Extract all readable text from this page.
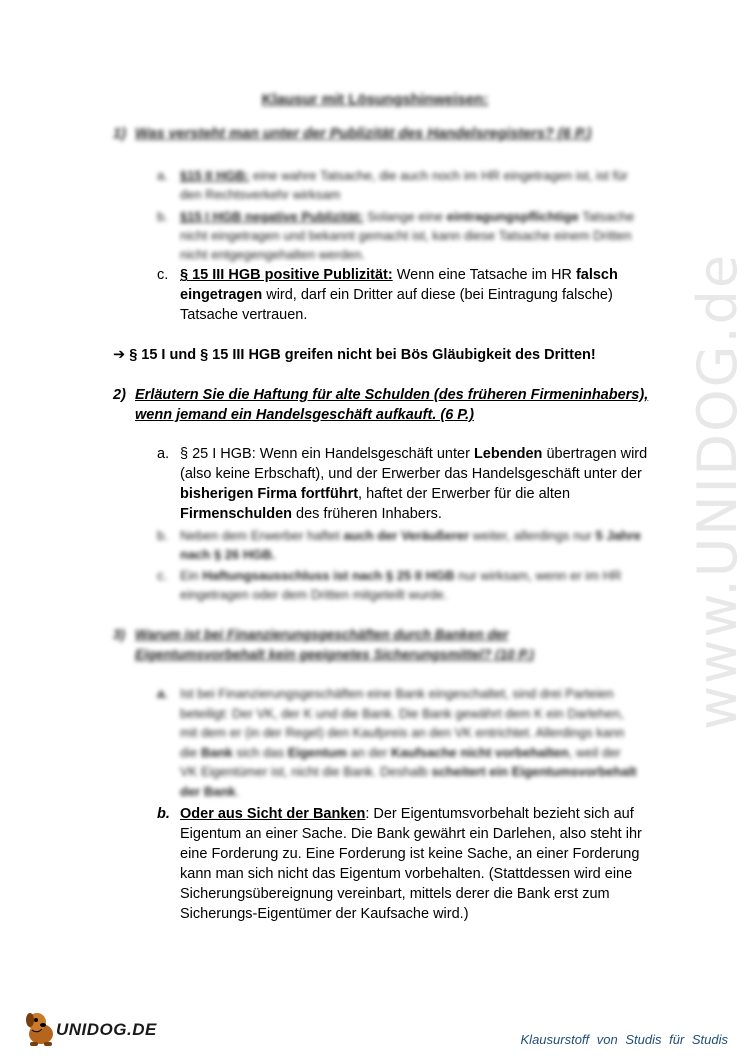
www.UNIDOG.de
Klausur mit Lösungshinweisen:
1) Was versteht man unter der Publizität des Handelsregisters? (6 P.)
a. §15 II HGB: eine wahre Tatsache, die auch noch im HR eingetragen ist, ist für den Rechtsverkehr wirksam
b. §15 I HGB negative Publizität: Solange eine eintragungspflichtige Tatsache nicht eingetragen und bekannt gemacht ist, kann diese Tatsache einem Dritten nicht entgegengehalten werden.
c. § 15 III HGB positive Publizität: Wenn eine Tatsache im HR falsch eingetragen wird, darf ein Dritter auf diese (bei Eintragung falsche) Tatsache vertrauen.
➔ § 15 I und § 15 III HGB greifen nicht bei Bös Gläubigkeit des Dritten!
2) Erläutern Sie die Haftung für alte Schulden (des früheren Firmeninhabers), wenn jemand ein Handelsgeschäft aufkauft. (6 P.)
a. § 25 I HGB: Wenn ein Handelsgeschäft unter Lebenden übertragen wird (also keine Erbschaft), und der Erwerber das Handelsgeschäft unter der bisherigen Firma fortführt, haftet der Erwerber für die alten Firmenschulden des früheren Inhabers.
b. Neben dem Erwerber haftet auch der Veräußerer weiter, allerdings nur 5 Jahre nach § 26 HGB.
c. Ein Haftungsausschluss ist nach § 25 II HGB nur wirksam, wenn er im HR eingetragen oder dem Dritten mitgeteilt wurde.
3) Warum ist bei Finanzierungsgeschäften durch Banken der Eigentumsvorbehalt kein geeignetes Sicherungsmittel? (10 P.)
a. Ist bei Finanzierungsgeschäften eine Bank eingeschaltet, sind drei Parteien beteiligt: Der VK, der K und die Bank. Die Bank gewährt dem K ein Darlehen, mit dem er (in der Regel) den Kaufpreis an den VK entrichtet. Allerdings kann die Bank sich das Eigentum an der Kaufsache nicht vorbehalten, weil der VK Eigentümer ist, nicht die Bank. Deshalb scheitert ein Eigentumsvorbehalt der Bank.
b. Oder aus Sicht der Banken: Der Eigentumsvorbehalt bezieht sich auf Eigentum an einer Sache. Die Bank gewährt ein Darlehen, also steht ihr eine Forderung zu. Eine Forderung ist keine Sache, an einer Forderung kann man sich nicht das Eigentum vorbehalten. (Stattdessen wird eine Sicherungsübereignung vereinbart, mittels derer die Bank erst zum Sicherungs-Eigentümer der Kaufsache wird.)
UNIDOG.DE
Klausurstoff von Studis für Studis
